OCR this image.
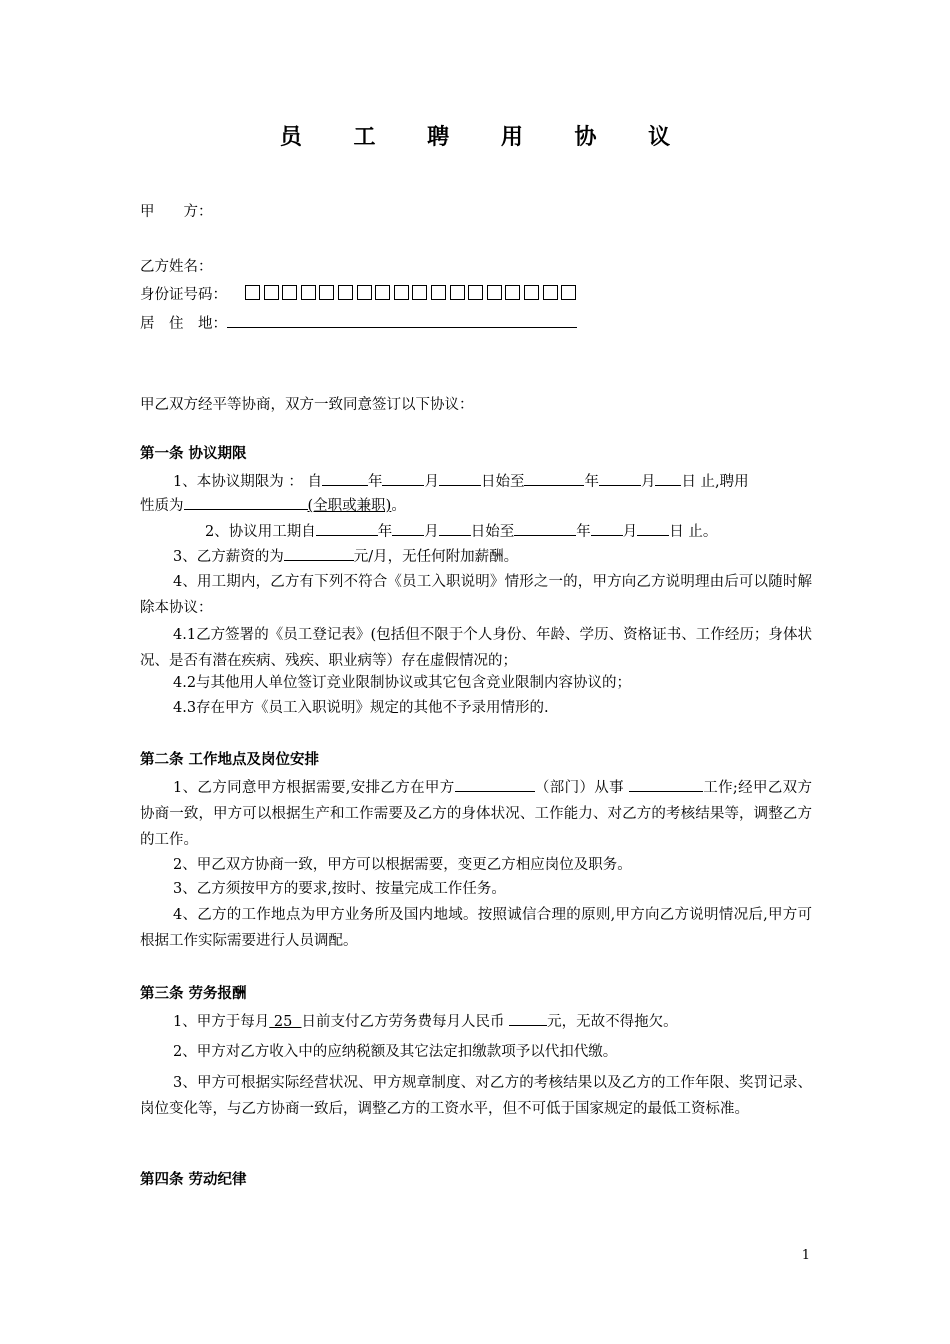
员 工 聘 用 协 议
甲　　方：
乙方姓名：
身份证号码：
居　住　地：
甲乙双方经平等协商，双方一致同意签订以下协议：
第一条 协议期限
1、本协议期限为 ： 自	年	月	日始至	年	月 日 止,聘用
性质为	(全职或兼职)。
2、协议用工期自	年 月 日始至	年 月 日 止。
3、乙方薪资的为	元/月，无任何附加薪酬。
4、用工期内，乙方有下列不符合《员工入职说明》情形之一的，甲方向乙方说明理由后可以随时解除本协议：
4.1乙方签署的《员工登记表》(包括但不限于个人身份、年龄、学历、资格证书、工作经历；身体状况、是否有潜在疾病、残疾、职业病等）存在虚假情况的；
4.2与其他用人单位签订竞业限制协议或其它包含竞业限制内容协议的；
4.3存在甲方《员工入职说明》规定的其他不予录用情形的.
第二条 工作地点及岗位安排
1、乙方同意甲方根据需要,安排乙方在甲方	（部门）从事	工作;经甲乙双方协商一致，甲方可以根据生产和工作需要及乙方的身体状况、工作能力、对乙方的考核结果等，调整乙方的工作。
2、甲乙双方协商一致，甲方可以根据需要，变更乙方相应岗位及职务。
3、乙方须按甲方的要求,按时、按量完成工作任务。
4、乙方的工作地点为甲方业务所及国内地域。按照诚信合理的原则,甲方向乙方说明情况后,甲方可根据工作实际需要进行人员调配。
第三条 劳务报酬
1、甲方于每月 25  日前支付乙方劳务费每月人民币	元，无故不得拖欠。
2、甲方对乙方收入中的应纳税额及其它法定扣缴款项予以代扣代缴。
3、甲方可根据实际经营状况、甲方规章制度、对乙方的考核结果以及乙方的工作年限、奖罚记录、岗位变化等，与乙方协商一致后，调整乙方的工资水平，但不可低于国家规定的最低工资标准。
第四条 劳动纪律
1
